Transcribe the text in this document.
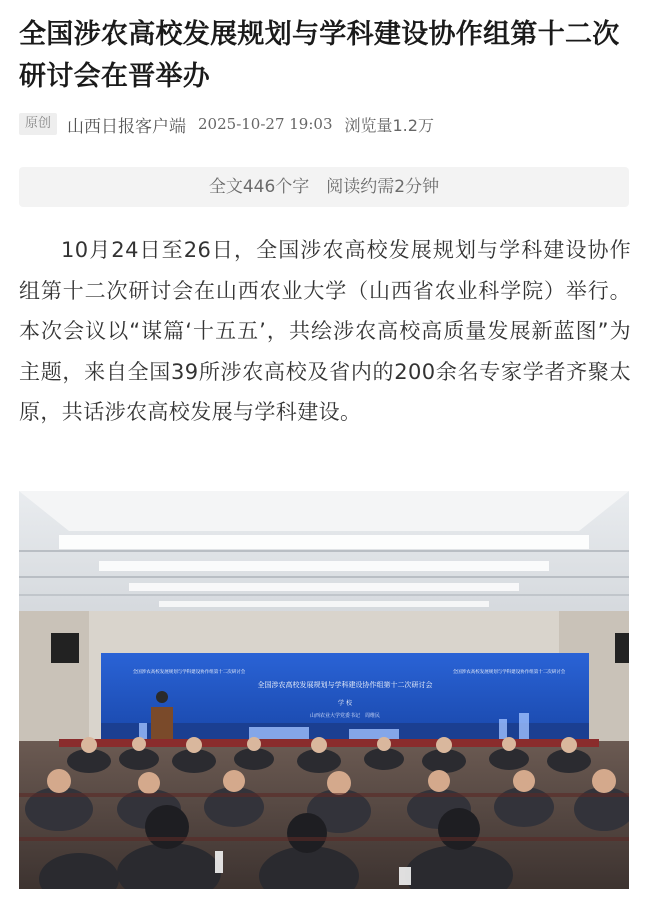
全国涉农高校发展规划与学科建设协作组第十二次研讨会在晋举办
原创 山西日报客户端 2025-10-27 19:03 浏览量1.2万
全文446个字　阅读约需2分钟

10月24日至26日，全国涉农高校发展规划与学科建设协作组第十二次研讨会在山西农业大学（山西省农业科学院）举行。本次会议以“谋篇‘十五五’，共绘涉农高校高质量发展新蓝图”为主题，来自全国39所涉农高校及省内的200余名专家学者齐聚太原，共话涉农高校发展与学科建设。

全国涉农高校发展规划与学科建设协作组第十二次研讨会
学 校
山西农业大学党委书记　周维民
全国涉农高校发展规划与学科建设协作组第十二次研讨会	全国涉农高校发展规划与学科建设协作组第十二次研讨会
